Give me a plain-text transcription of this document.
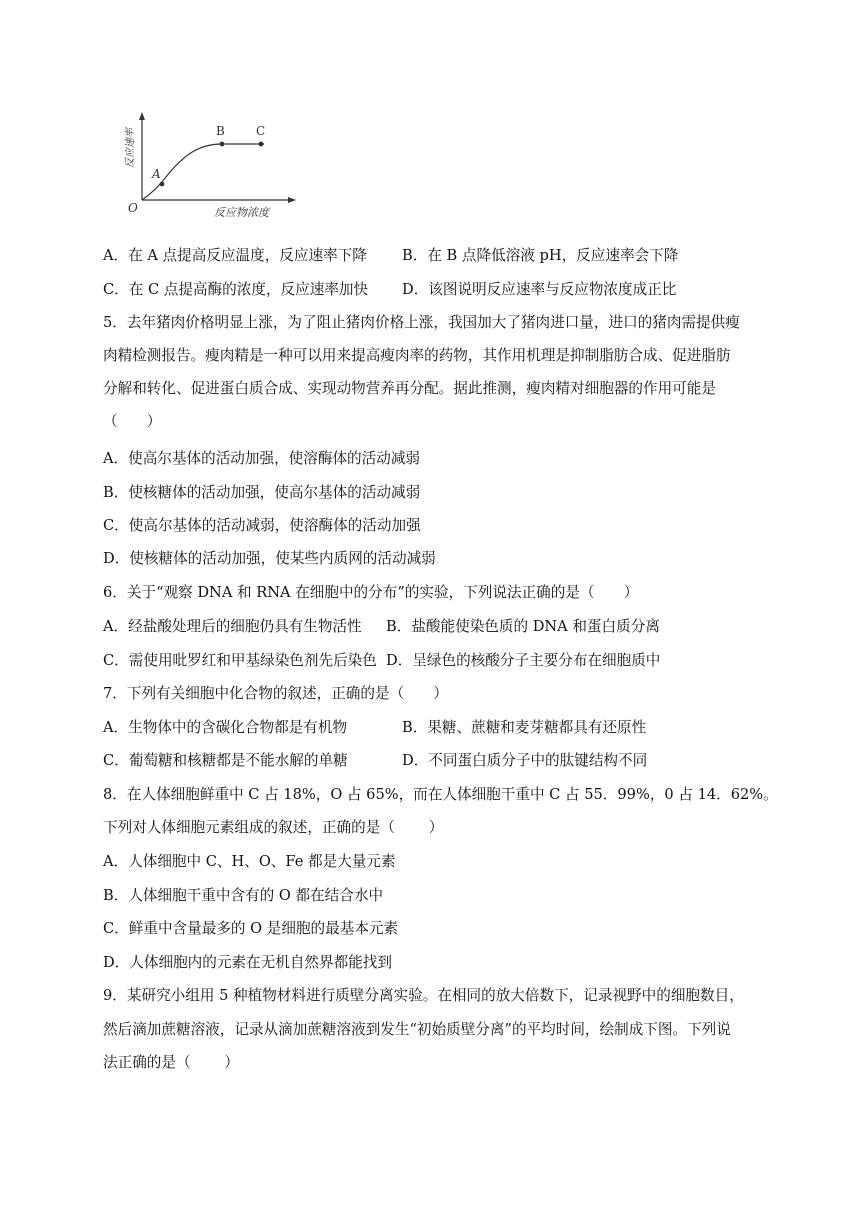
A
B	C
O	反应物浓度
反应速率
A．在 A 点提高反应温度，反应速率下降 B．在 B 点降低溶液 pH，反应速率会下降
C．在 C 点提高酶的浓度，反应速率加快 D．该图说明反应速率与反应物浓度成正比
5．去年猪肉价格明显上涨，为了阻止猪肉价格上涨，我国加大了猪肉进口量，进口的猪肉需提供瘦
肉精检测报告。瘦肉精是一种可以用来提高瘦肉率的药物，其作用机理是抑制脂肪合成、促进脂肪
分解和转化、促进蛋白质合成、实现动物营养再分配。据此推测，瘦肉精对细胞器的作用可能是
（　　）
A．使高尔基体的活动加强，使溶酶体的活动减弱
B．使核糖体的活动加强，使高尔基体的活动减弱
C．使高尔基体的活动减弱，使溶酶体的活动加强
D．使核糖体的活动加强，使某些内质网的活动减弱
6．关于“观察 DNA 和 RNA 在细胞中的分布”的实验，下列说法正确的是（　　）
A．经盐酸处理后的细胞仍具有生物活性 B．盐酸能使染色质的 DNA 和蛋白质分离
C．需使用吡罗红和甲基绿染色剂先后染色 D．呈绿色的核酸分子主要分布在细胞质中
7．下列有关细胞中化合物的叙述，正确的是（　　）
A．生物体中的含碳化合物都是有机物	B．果糖、蔗糖和麦芽糖都具有还原性
C．葡萄糖和核糖都是不能水解的单糖	D．不同蛋白质分子中的肽键结构不同
8．在人体细胞鲜重中 C 占 18%，O 占 65%，而在人体细胞干重中 C 占 55．99%，0 占 14．62%。
下列对人体细胞元素组成的叙述，正确的是（　　 ）
A．人体细胞中 C、H、O、Fe 都是大量元素
B．人体细胞干重中含有的 O 都在结合水中
C．鲜重中含量最多的 O 是细胞的最基本元素
D．人体细胞内的元素在无机自然界都能找到
9．某研究小组用 5 种植物材料进行质壁分离实验。在相同的放大倍数下，记录视野中的细胞数目，
然后滴加蔗糖溶液，记录从滴加蔗糖溶液到发生“初始质壁分离”的平均时间，绘制成下图。下列说
法正确的是（　　 ）
